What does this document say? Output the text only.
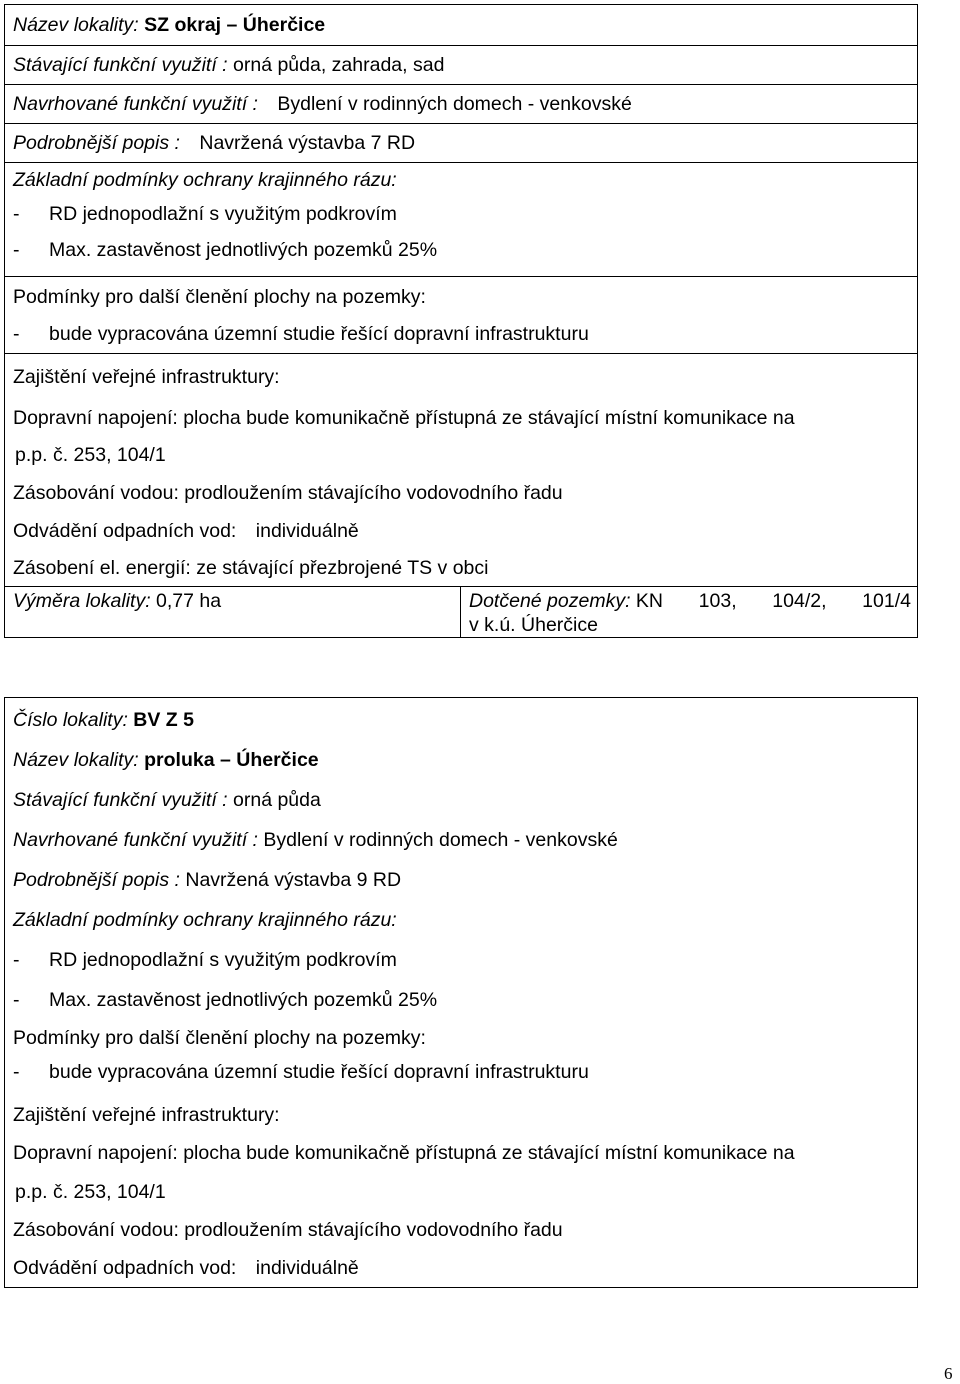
Název lokality: SZ okraj – Úherčice
Stávající funkční využití : orná půda, zahrada, sad
Navrhované funkční využití : Bydlení v rodinných domech - venkovské
Podrobnější popis : Navržená výstavba 7 RD
Základní podmínky ochrany krajinného rázu:
- RD jednopodlažní s využitým podkrovím
- Max. zastavěnost jednotlivých pozemků 25%
Podmínky pro další členění plochy na pozemky:
- bude vypracována územní studie řešící dopravní infrastrukturu
Zajištění veřejné infrastruktury:
Dopravní napojení: plocha bude komunikačně přístupná ze stávající místní komunikace na
p.p. č. 253, 104/1
Zásobování vodou: prodloužením stávajícího vodovodního řadu
Odvádění odpadních vod: individuálně
Zásobení el. energií: ze stávající přezbrojené TS v obci
Výměra lokality: 0,77 ha	Dotčené pozemky: KN 103, 104/2, 101/4
v k.ú. Úherčice
Číslo lokality: BV Z 5
Název lokality: proluka – Úherčice
Stávající funkční využití : orná půda
Navrhované funkční využití : Bydlení v rodinných domech - venkovské
Podrobnější popis : Navržená výstavba 9 RD
Základní podmínky ochrany krajinného rázu:
- RD jednopodlažní s využitým podkrovím
- Max. zastavěnost jednotlivých pozemků 25%
Podmínky pro další členění plochy na pozemky:
- bude vypracována územní studie řešící dopravní infrastrukturu
Zajištění veřejné infrastruktury:
Dopravní napojení: plocha bude komunikačně přístupná ze stávající místní komunikace na
p.p. č. 253, 104/1
Zásobování vodou: prodloužením stávajícího vodovodního řadu
Odvádění odpadních vod: individuálně
6
